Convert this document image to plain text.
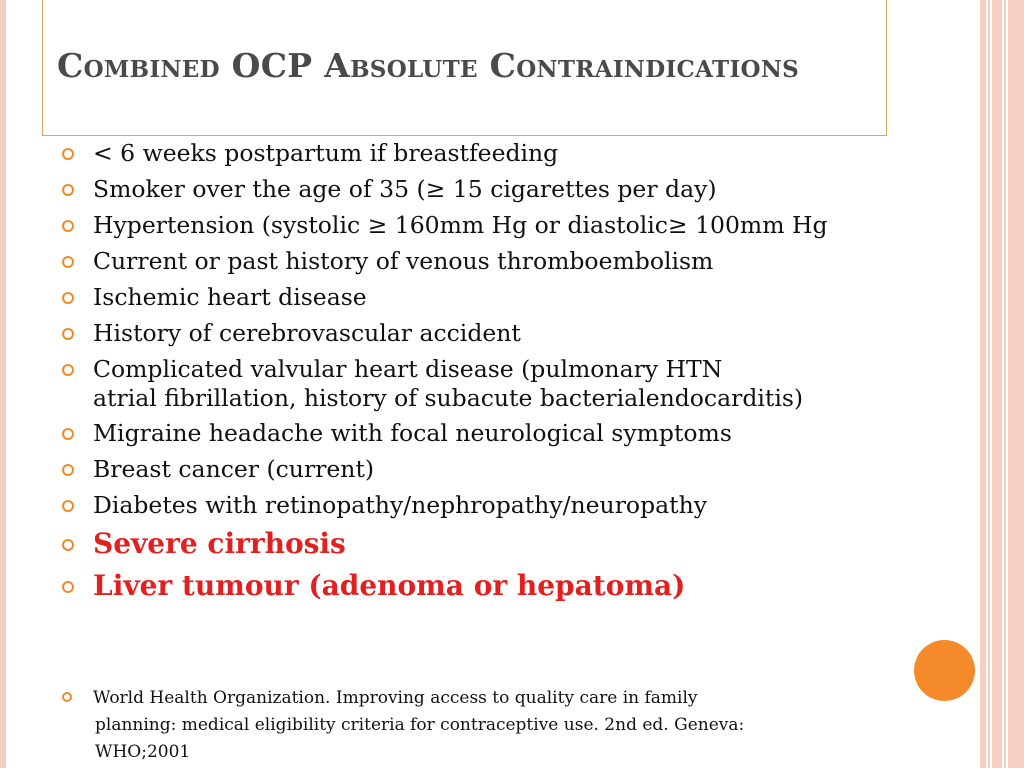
Combined OCP Absolute Contraindications
< 6 weeks postpartum if breastfeeding
Smoker over the age of 35 (≥ 15 cigarettes per day)
Hypertension (systolic ≥ 160mm Hg or diastolic≥ 100mm Hg
Current or past history of venous thromboembolism
Ischemic heart disease
History of cerebrovascular accident
Complicated valvular heart disease (pulmonary HTN
atrial fibrillation, history of subacute bacterialendocarditis)
Migraine headache with focal neurological symptoms
Breast cancer (current)
Diabetes with retinopathy/nephropathy/neuropathy
Severe cirrhosis
Liver tumour (adenoma or hepatoma)
World Health Organization. Improving access to quality care in family
planning: medical eligibility criteria for contraceptive use. 2nd ed. Geneva:
WHO;2001
